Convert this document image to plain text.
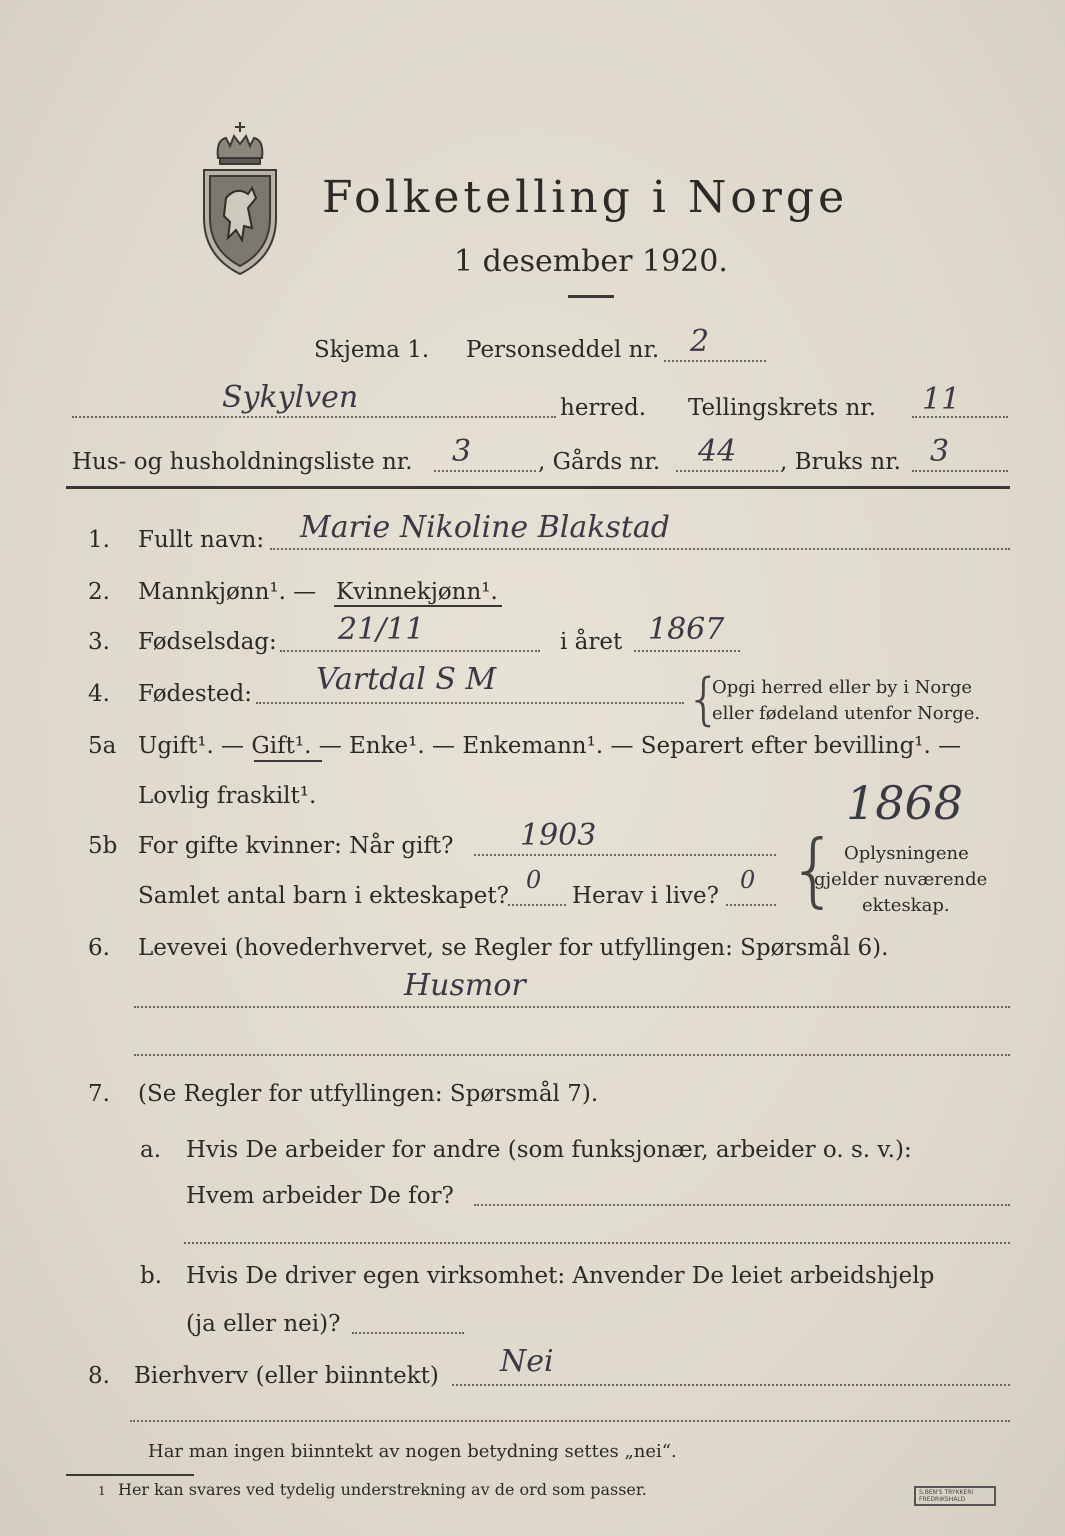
Folketelling i Norge
1 desember 1920.
Skjema 1. Personseddel nr. 2
Sykylven	herred. Tellingskrets nr. 11
Hus- og husholdningsliste nr. 3	, Gårds nr. 44 , Bruks nr. 3
1. Fullt navn: Marie Nikoline Blakstad
2. Mannkjønn¹. — Kvinnekjønn¹.
3. Fødselsdag: 21/11	i året 1867
4. Fødested: Vartdal S M	{
Opgi herred eller by i Norge
eller fødeland utenfor Norge.
5a Ugift¹. — Gift¹. — Enke¹. — Enkemann¹. — Separert efter bevilling¹. —
Lovlig fraskilt¹.	1868
5b For gifte kvinner: Når gift? 1903
Samlet antal barn i ekteskapet?
0
Herav i live?
0 { Oplysningene
gjelder nuværende
ekteskap.
6. Levevei (hovederhvervet, se Regler for utfyllingen: Spørsmål 6).
Husmor
7. (Se Regler for utfyllingen: Spørsmål 7).
a. Hvis De arbeider for andre (som funksjonær, arbeider o. s. v.):
Hvem arbeider De for?
b. Hvis De driver egen virksomhet: Anvender De leiet arbeidshjelp
(ja eller nei)?
8. Bierhverv (eller biinntekt) Nei
Har man ingen biinntekt av nogen betydning settes „nei“.
1 Her kan svares ved tydelig understrekning av de ord som passer.	S.BEN'S TRYKKERI
FREDRIKSHALD
